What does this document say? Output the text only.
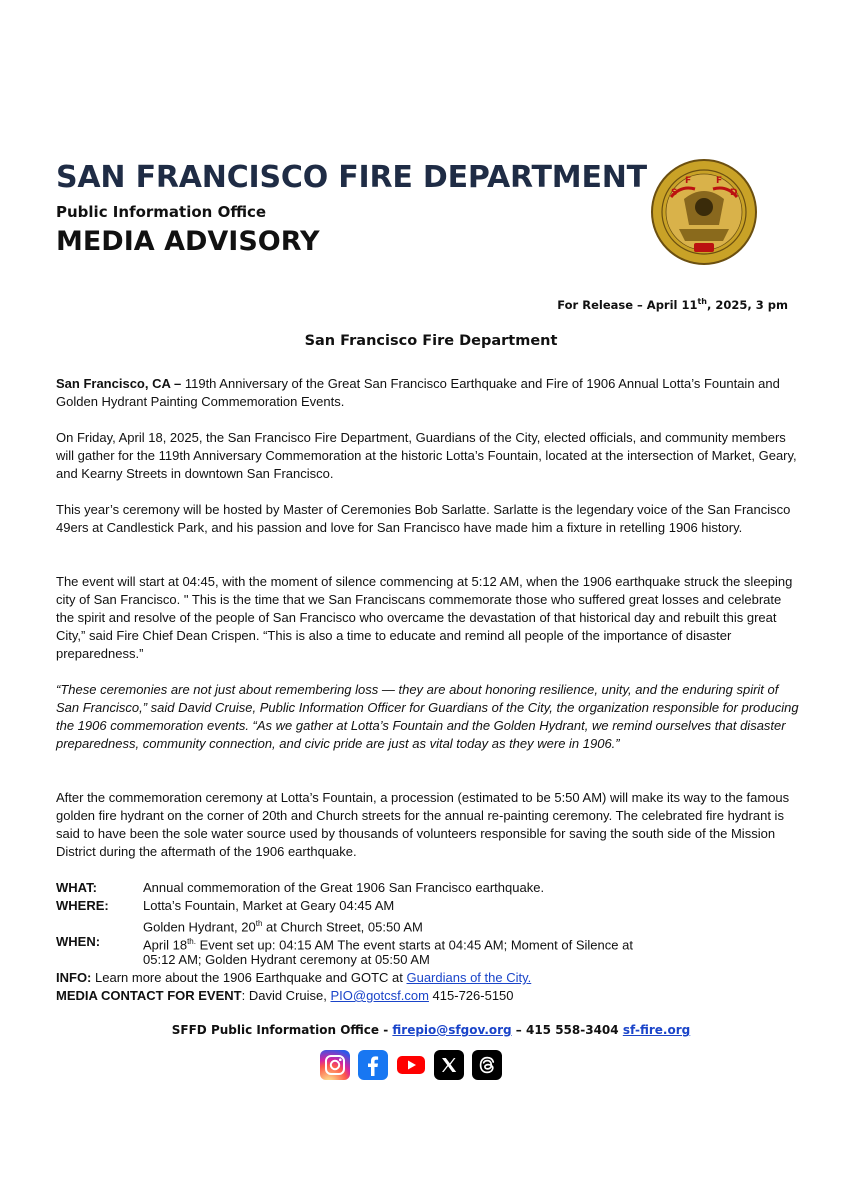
SAN FRANCISCO FIRE DEPARTMENT
Public Information Office
MEDIA ADVISORY
S
F	F
D
For Release – April 11th, 2025, 3 pm
San Francisco Fire Department

San Francisco, CA – 119th Anniversary of the Great San Francisco Earthquake and Fire of 1906 Annual Lotta’s Fountain and Golden Hydrant Painting Commemoration Events.

On Friday, April 18, 2025, the San Francisco Fire Department, Guardians of the City, elected officials, and community members will gather for the 119th Anniversary Commemoration at the historic Lotta’s Fountain, located at the intersection of Market, Geary, and Kearny Streets in downtown San Francisco.

This year’s ceremony will be hosted by Master of Ceremonies Bob Sarlatte. Sarlatte is the legendary voice of the San Francisco 49ers at Candlestick Park, and his passion and love for San Francisco have made him a fixture in retelling 1906 history.

The event will start at 04:45, with the moment of silence commencing at 5:12 AM, when the 1906 earthquake struck the sleeping city of San Francisco. " This is the time that we San Franciscans commemorate those who suffered great losses and celebrate the spirit and resolve of the people of San Francisco who overcame the devastation of that historical day and rebuilt this great City,” said Fire Chief Dean Crispen. “This is also a time to educate and remind all people of the importance of disaster preparedness.”

“These ceremonies are not just about remembering loss — they are about honoring resilience, unity, and the enduring spirit of San Francisco,” said David Cruise, Public Information Officer for Guardians of the City, the organization responsible for producing the 1906 commemoration events. “As we gather at Lotta’s Fountain and the Golden Hydrant, we remind ourselves that disaster preparedness, community connection, and civic pride are just as vital today as they were in 1906.”

After the commemoration ceremony at Lotta’s Fountain, a procession (estimated to be 5:50 AM) will make its way to the famous golden fire hydrant on the corner of 20th and Church streets for the annual re-painting ceremony. The celebrated fire hydrant is said to have been the sole water source used by thousands of volunteers responsible for saving the south side of the Mission District during the aftermath of the 1906 earthquake.

WHAT:	Annual commemoration of the Great 1906 San Francisco earthquake.
WHERE:	Lotta’s Fountain, Market at Geary 04:45 AM
Golden Hydrant, 20th at Church Street, 05:50 AM
WHEN:	April $18^{th.}$ Event set up: 04:15 AM The event starts at 04:45 AM; Moment of Silence at
05:12 AM; Golden Hydrant ceremony at 05:50 AM
INFO: Learn more about the 1906 Earthquake and GOTC at Guardians of the City.
MEDIA CONTACT FOR EVENT: David Cruise, PIO@gotcsf.com 415-726-5150
SFFD Public Information Office - firepio@sfgov.org – 415 558-3404 sf-fire.org
